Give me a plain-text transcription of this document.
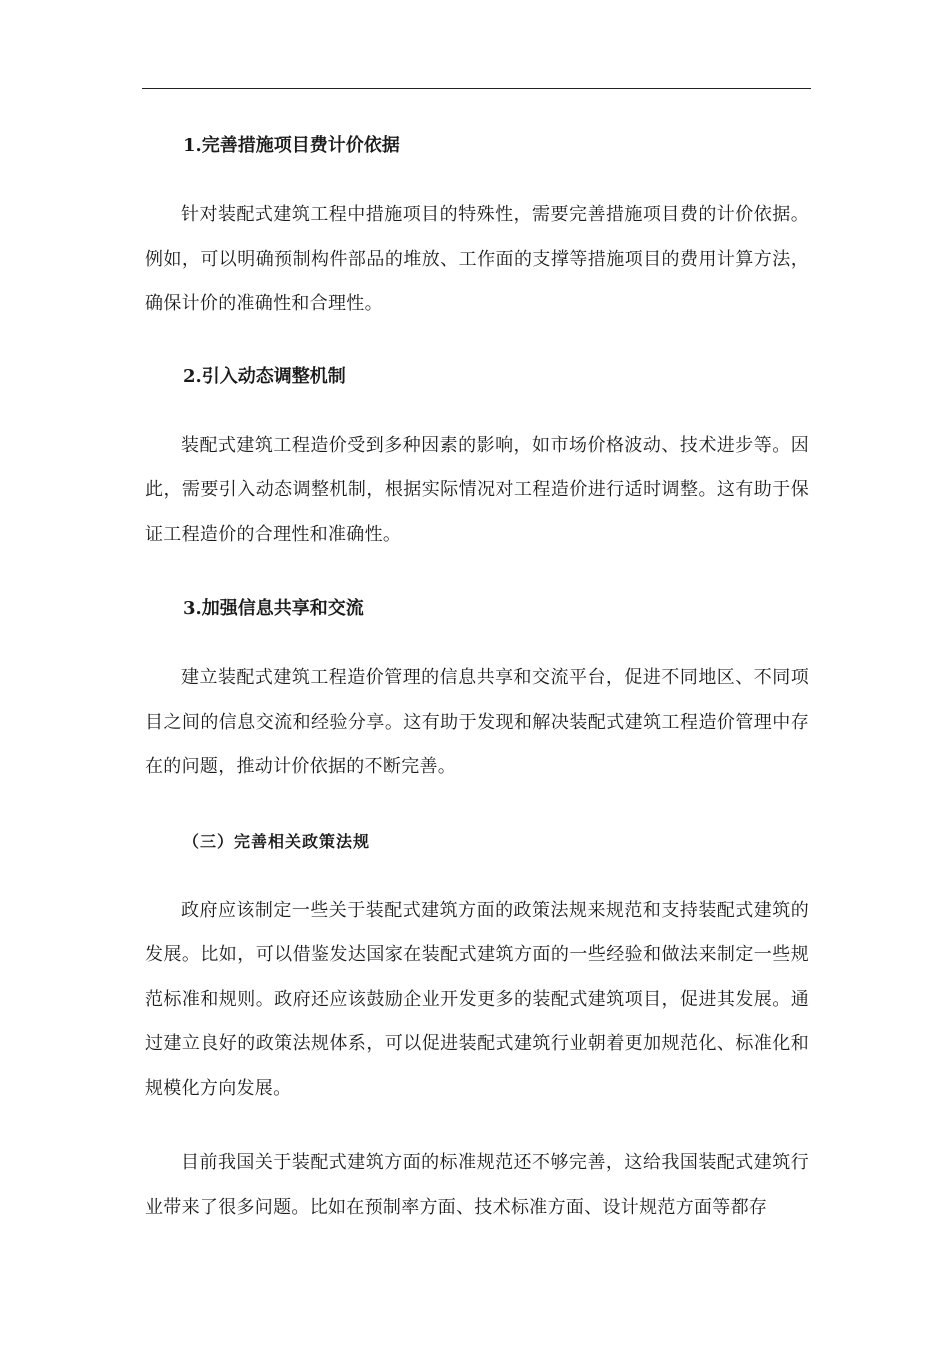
1.完善措施项目费计价依据

针对装配式建筑工程中措施项目的特殊性，需要完善措施项目费的计价依据。例如，可以明确预制构件部品的堆放、工作面的支撑等措施项目的费用计算方法，确保计价的准确性和合理性。

2.引入动态调整机制

装配式建筑工程造价受到多种因素的影响，如市场价格波动、技术进步等。因此，需要引入动态调整机制，根据实际情况对工程造价进行适时调整。这有助于保证工程造价的合理性和准确性。

3.加强信息共享和交流

建立装配式建筑工程造价管理的信息共享和交流平台，促进不同地区、不同项目之间的信息交流和经验分享。这有助于发现和解决装配式建筑工程造价管理中存在的问题，推动计价依据的不断完善。

（三）完善相关政策法规

政府应该制定一些关于装配式建筑方面的政策法规来规范和支持装配式建筑的发展。比如，可以借鉴发达国家在装配式建筑方面的一些经验和做法来制定一些规范标准和规则。政府还应该鼓励企业开发更多的装配式建筑项目，促进其发展。通过建立良好的政策法规体系，可以促进装配式建筑行业朝着更加规范化、标准化和规模化方向发展。

目前我国关于装配式建筑方面的标准规范还不够完善，这给我国装配式建筑行业带来了很多问题。比如在预制率方面、技术标准方面、设计规范方面等都存
